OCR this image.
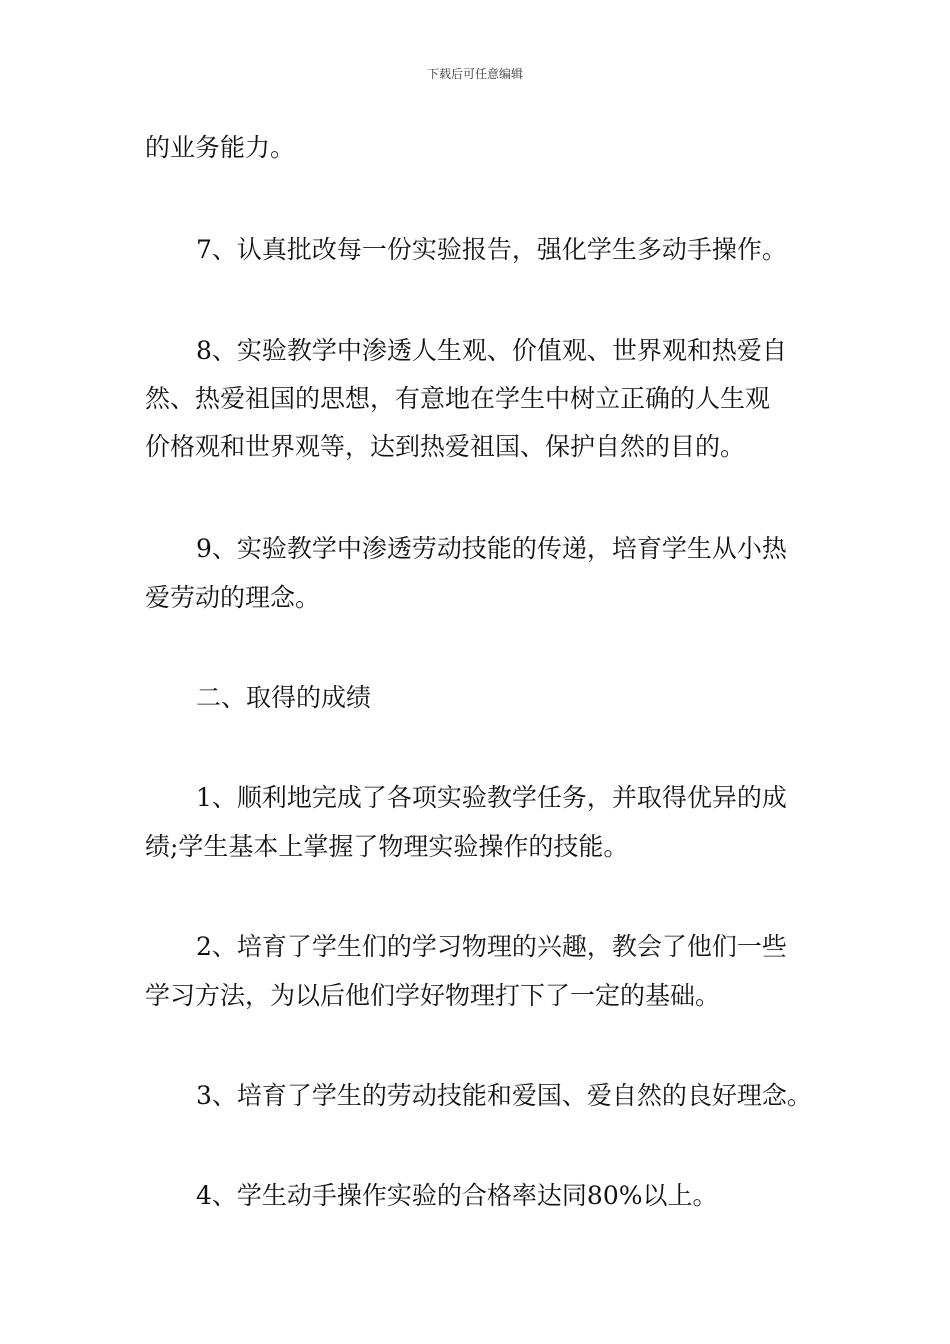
下载后可任意编辑
的业务能力。
7、认真批改每一份实验报告，强化学生多动手操作。
8、实验教学中渗透人生观、价值观、世界观和热爱自
然、热爱祖国的思想，有意地在学生中树立正确的人生观
价格观和世界观等，达到热爱祖国、保护自然的目的。
9、实验教学中渗透劳动技能的传递，培育学生从小热
爱劳动的理念。
二、取得的成绩
1、顺利地完成了各项实验教学任务，并取得优异的成
绩;学生基本上掌握了物理实验操作的技能。
2、培育了学生们的学习物理的兴趣，教会了他们一些
学习方法，为以后他们学好物理打下了一定的基础。
3、培育了学生的劳动技能和爱国、爱自然的良好理念。
4、学生动手操作实验的合格率达同80%以上。
